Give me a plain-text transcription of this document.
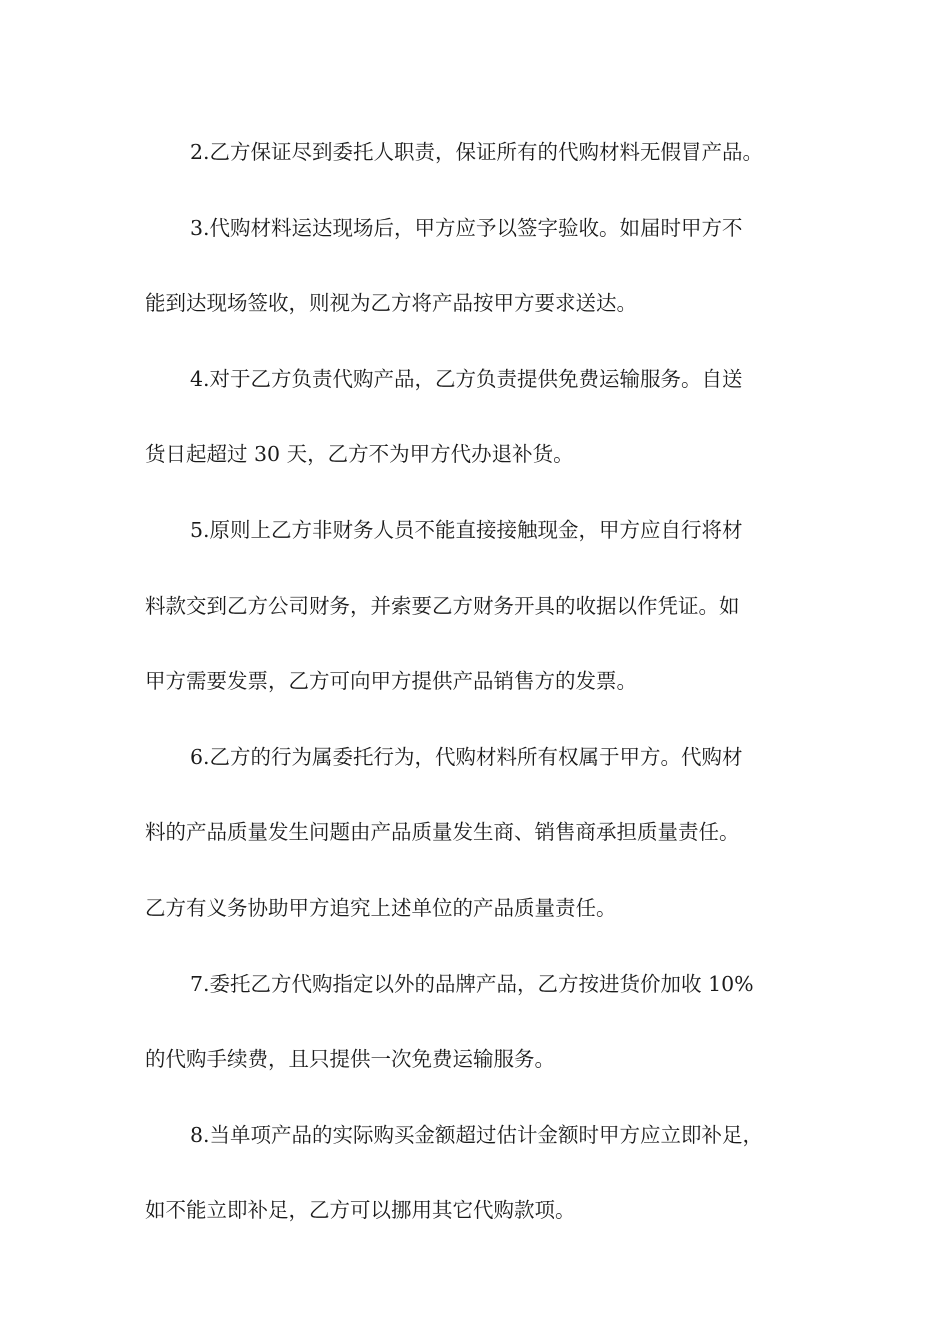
2.乙方保证尽到委托人职责，保证所有的代购材料无假冒产品。
3.代购材料运达现场后，甲方应予以签字验收。如届时甲方不
能到达现场签收，则视为乙方将产品按甲方要求送达。
4.对于乙方负责代购产品，乙方负责提供免费运输服务。自送
货日起超过 30 天，乙方不为甲方代办退补货。
5.原则上乙方非财务人员不能直接接触现金，甲方应自行将材
料款交到乙方公司财务，并索要乙方财务开具的收据以作凭证。如
甲方需要发票，乙方可向甲方提供产品销售方的发票。
6.乙方的行为属委托行为，代购材料所有权属于甲方。代购材
料的产品质量发生问题由产品质量发生商、销售商承担质量责任。
乙方有义务协助甲方追究上述单位的产品质量责任。
7.委托乙方代购指定以外的品牌产品，乙方按进货价加收 10%
的代购手续费，且只提供一次免费运输服务。
8.当单项产品的实际购买金额超过估计金额时甲方应立即补足，
如不能立即补足，乙方可以挪用其它代购款项。
